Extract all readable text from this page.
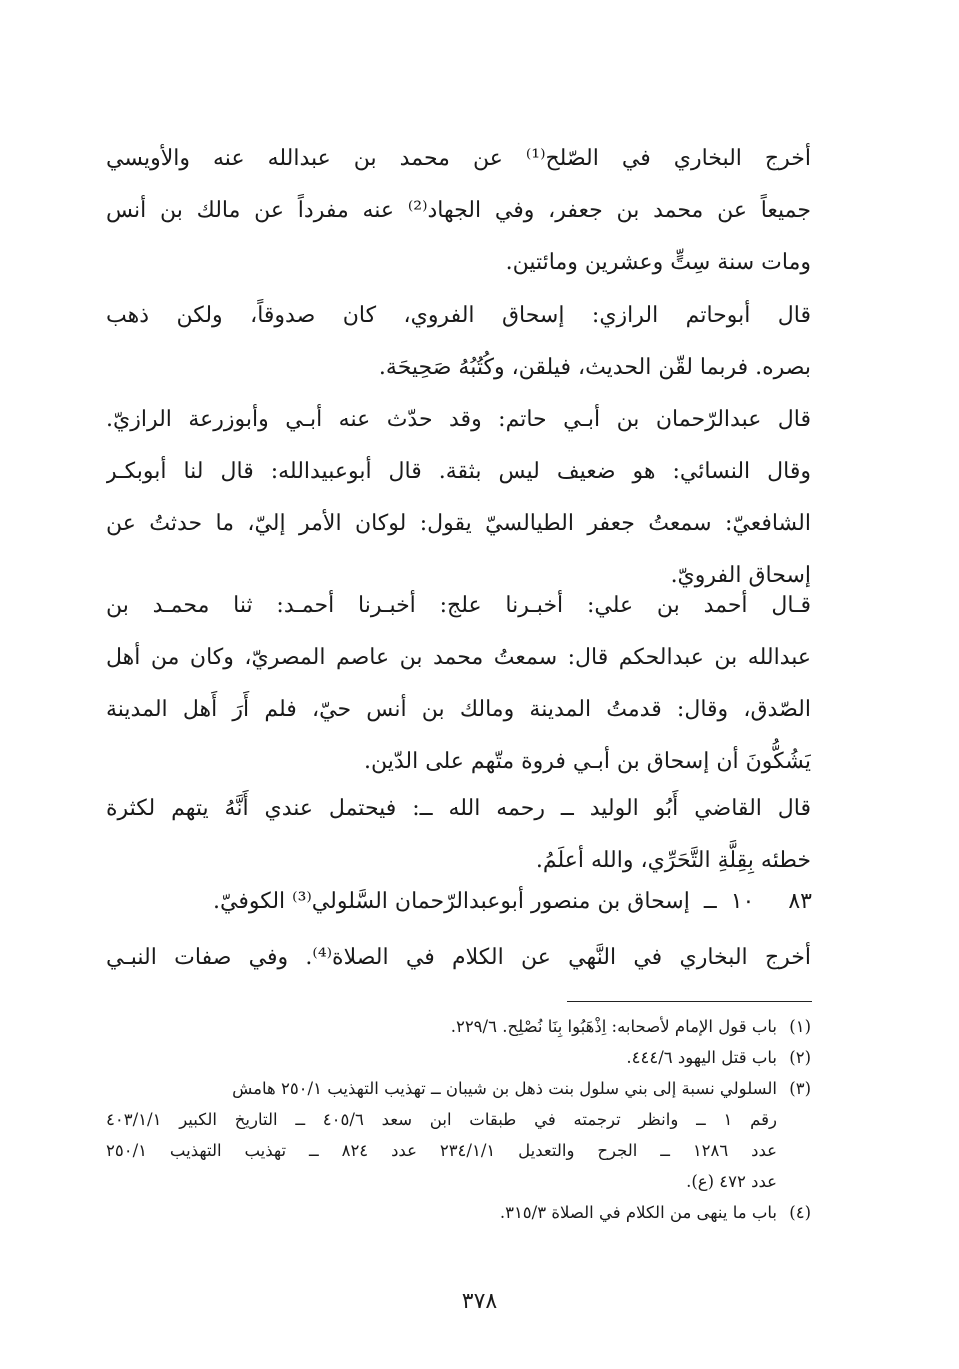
أخرج البخاري في الصّلح⁽¹⁾ عن محمد بن عبدالله عنه والأويسي
جميعاً عن محمد بن جعفر، وفي الجهاد⁽²⁾ عنه مفرداً عن مالك بن أنس
ومات سنة سِتٍّ وعشرين ومائتين.
قال أبوحاتم الرازي: إسحاق الفروي، كان صدوقاً، ولكن ذهب
بصره. فربما لقّن الحديث، فيلقن، وكُتُبُهُ صَحِيحَة.
قال عبدالرّحمان بن أبـي حاتم: وقد حدّث عنه أبـي وأبوزرعة الرازيّ.
وقال النسائي: هو ضعيف ليس بثقة. قال أبوعبيدالله: قال لنا أبوبكـر
الشافعيّ: سمعتُ جعفر الطيالسيّ يقول: لوكان الأمر إليّ، ما حدثتُ عن
إسحاق الفرويّ.
قـال أحمد بن علي: أخبـرنا علج: أخبـرنا أحمـد: ثنا محمـد بن
عبدالله بن عبدالحكم قال: سمعتُ محمد بن عاصم المصريّ، وكان من أهل
الصّدق، وقال: قدمتُ المدينة ومالك بن أنس حيّ، فلم أَرَ أَهل المدينة
يَشُكُّونَ أن إسحاق بن أبـي فروة متّهم على الدّين.
قال القاضي أَبُو الوليد ــ رحمه الله ــ: فيحتمل عندي أَنَّهُ يتهم لكثرة
خطئه بِقِلَّةِ التَّحَرِّي، والله أعلَمُ.
٨٣
١٠
ــ
إسحاق بن منصور أبوعبدالرّحمان السَّلولي⁽³⁾ الكوفيّ.
أخرج البخاري في النَّهي عن الكلام في الصلاة⁽⁴⁾. وفي صفات النبـي
(١)باب قول الإمام لأصحابه: اِذْهَبُوا بِنَا نُصْلِح. ٢٢٩/٦.
(٢)باب قتل اليهود ٤٤٤/٦.
(٣)السلولي نسبة إلى بني سلول بنت ذهل بن شيبان ــ تهذيب التهذيب ٢٥٠/١ هامش
رقم ١ ــ وانظر ترجمته في طبقات ابن سعد ٤٠٥/٦ ــ التاريخ الكبير ٤٠٣/١/١
عدد ١٢٨٦ ــ الجرح والتعديل ٢٣٤/١/١ عدد ٨٢٤ ــ تهذيب التهذيب ٢٥٠/١
عدد ٤٧٢ (ع).
(٤)باب ما ينهى من الكلام في الصلاة ٣١٥/٣.
٣٧٨
